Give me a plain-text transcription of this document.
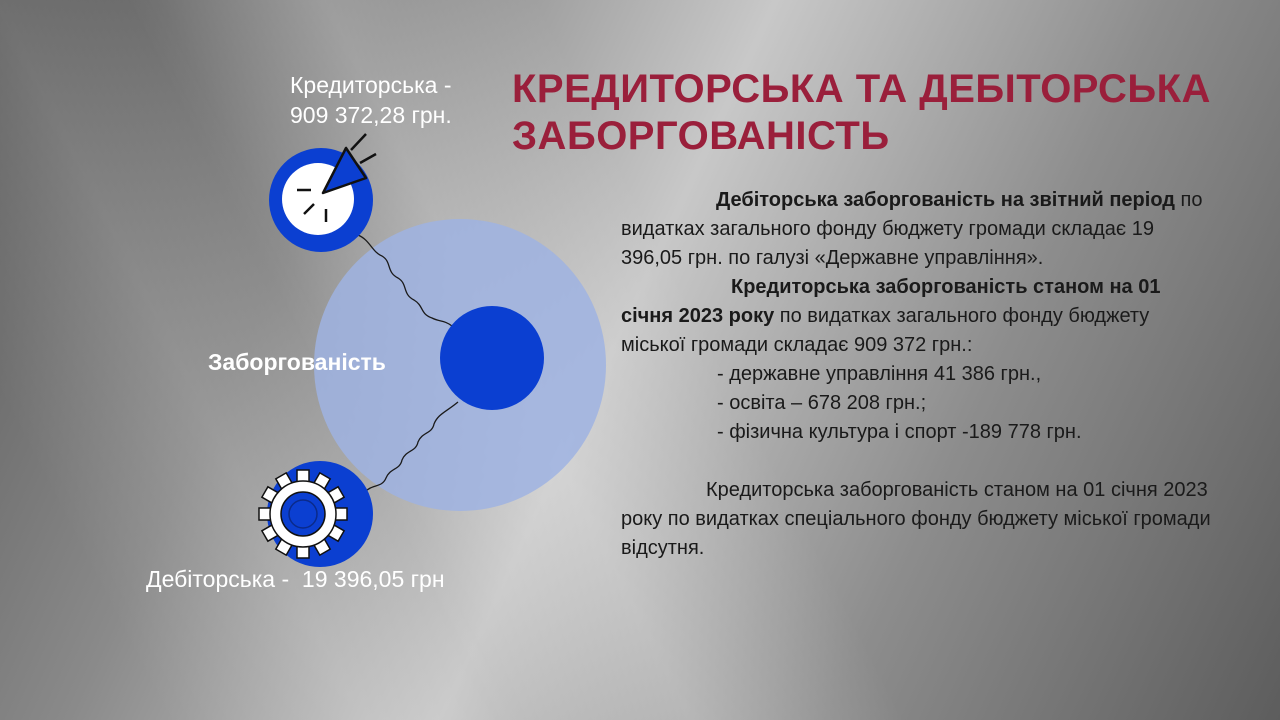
КРЕДИТОРСЬКА ТА ДЕБІТОРСЬКА
ЗАБОРГОВАНІСТЬ
Кредиторська -
909 372,28 грн.
Заборгованість
Дебіторська -  19 396,05 грн

Дебіторська заборгованість на звітний період по видатках загального фонду бюджету громади складає 19 396,05 грн. по галузі «Державне управління».

Кредиторська заборгованість станом на 01 січня 2023 року по видатках загального фонду бюджету міської громади складає 909 372 грн.:

- державне управління 41 386 грн.,

- освіта – 678 208 грн.;

- фізична культура і спорт -189 778 грн.

Кредиторська заборгованість станом на 01 січня 2023 року по видатках спеціального фонду бюджету міської громади відсутня.
